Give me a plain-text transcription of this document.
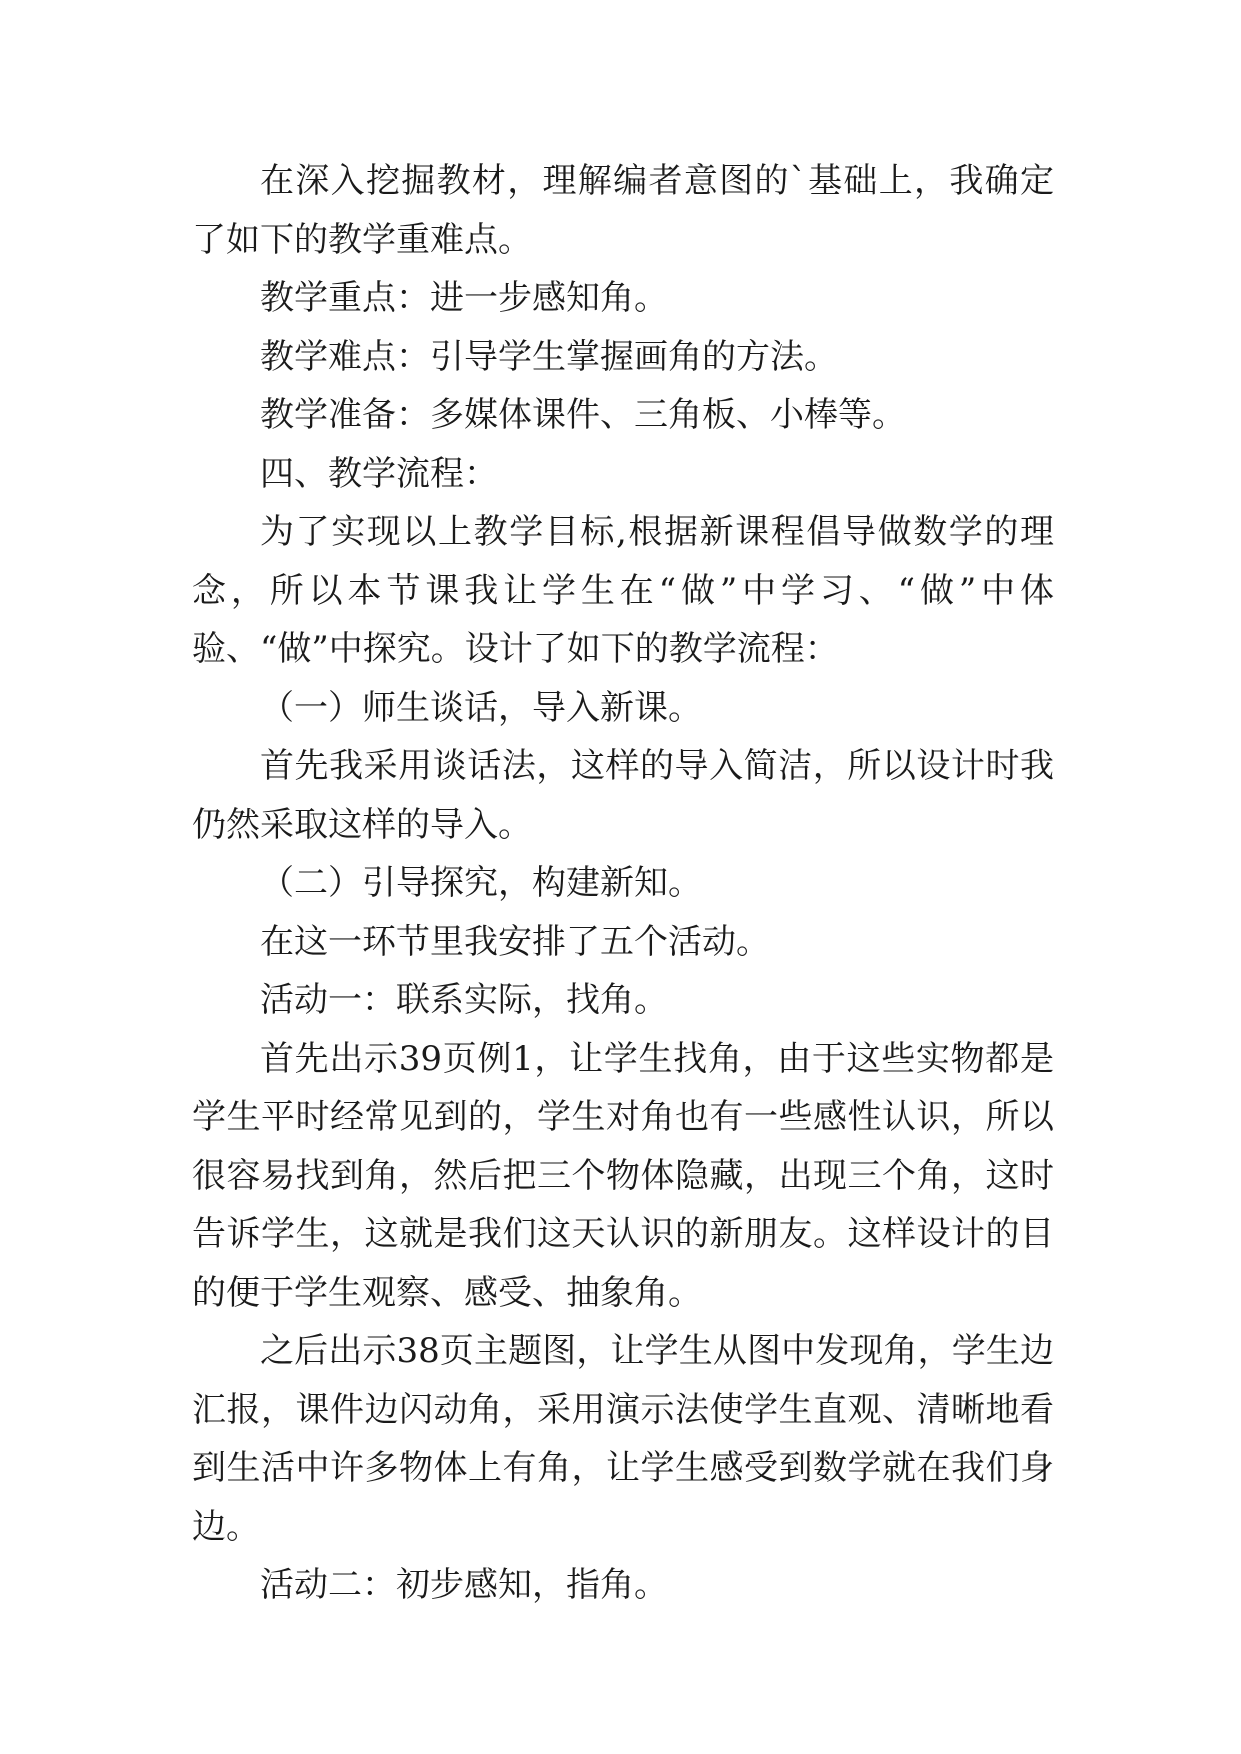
在深入挖掘教材，理解编者意图的`基础上，我确定了如下的教学重难点。

教学重点：进一步感知角。

教学难点：引导学生掌握画角的方法。

教学准备：多媒体课件、三角板、小棒等。

四、教学流程：

为了实现以上教学目标,根据新课程倡导做数学的理念，所以本节课我让学生在“做”中学习、“做”中体验、“做”中探究。设计了如下的教学流程：

（一）师生谈话，导入新课。

首先我采用谈话法，这样的导入简洁，所以设计时我仍然采取这样的导入。

（二）引导探究，构建新知。

在这一环节里我安排了五个活动。

活动一：联系实际，找角。

首先出示39页例1，让学生找角，由于这些实物都是学生平时经常见到的，学生对角也有一些感性认识，所以很容易找到角，然后把三个物体隐藏，出现三个角，这时告诉学生，这就是我们这天认识的新朋友。这样设计的目的便于学生观察、感受、抽象角。

之后出示38页主题图，让学生从图中发现角，学生边汇报，课件边闪动角，采用演示法使学生直观、清晰地看到生活中许多物体上有角，让学生感受到数学就在我们身边。

活动二：初步感知，指角。
